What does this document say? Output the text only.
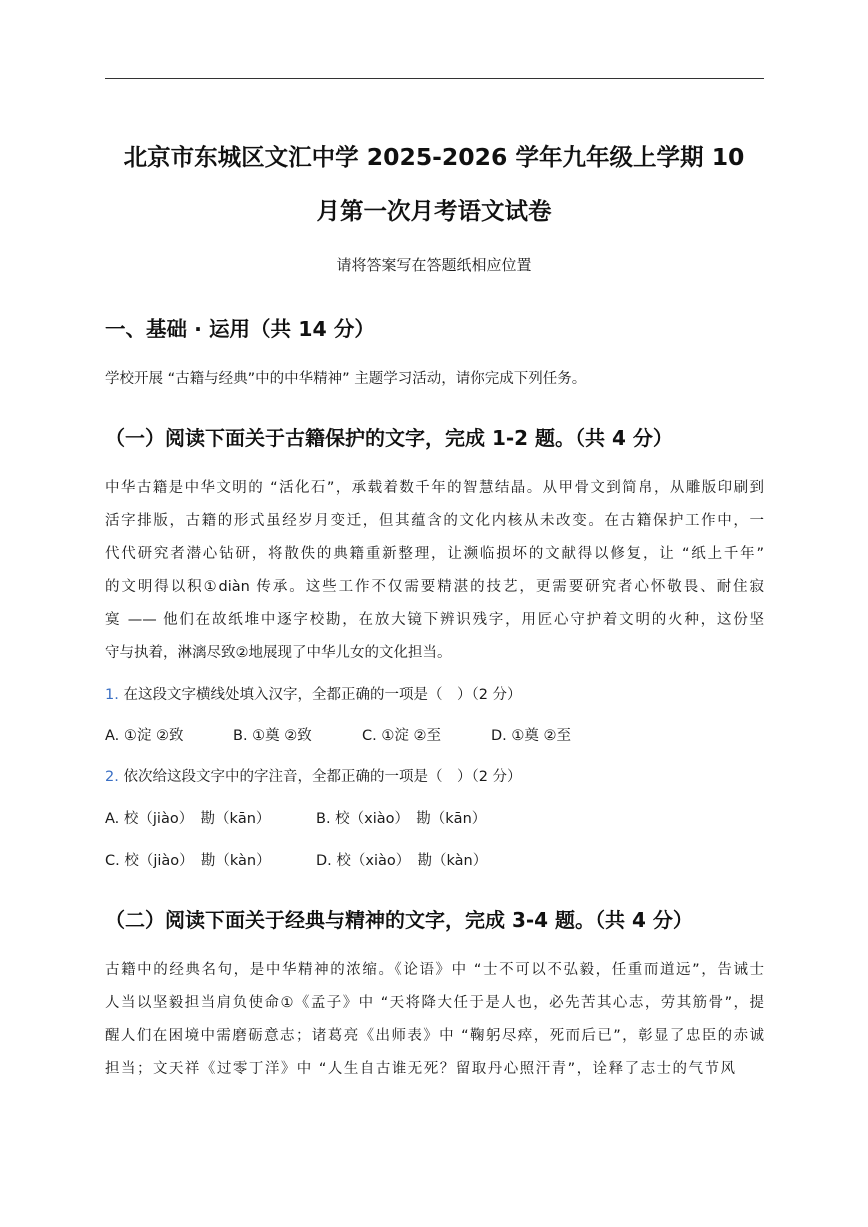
北京市东城区文汇中学 2025-2026 学年九年级上学期 10
月第一次月考语文试卷
请将答案写在答题纸相应位置
一、基础 · 运用（共 14 分）
学校开展 “古籍与经典”中的中华精神” 主题学习活动，请你完成下列任务。
（一）阅读下面关于古籍保护的文字，完成 1-2 题。（共 4 分）
中华古籍是中华文明的 “活化石”，承载着数千年的智慧结晶。从甲骨文到简帛，从雕版印刷到
活字排版，古籍的形式虽经岁月变迁，但其蕴含的文化内核从未改变。在古籍保护工作中，一
代代研究者潜心钻研，将散佚的典籍重新整理，让濒临损坏的文献得以修复，让 “纸上千年”
的文明得以积①diàn 传承。这些工作不仅需要精湛的技艺，更需要研究者心怀敬畏、耐住寂
寞 —— 他们在故纸堆中逐字校勘，在放大镜下辨识残字，用匠心守护着文明的火种，这份坚
守与执着，淋漓尽致②地展现了中华儿女的文化担当。
1. 在这段文字横线处填入汉字，全都正确的一项是（　）（2 分）
A. ①淀 ②致	B. ①奠 ②致	C. ①淀 ②至	D. ①奠 ②至
2. 依次给这段文字中的字注音，全都正确的一项是（　）（2 分）
A. 校（jiào）　勘（kān）	B. 校（xiào）　勘（kān）
C. 校（jiào）　勘（kàn）	D. 校（xiào）　勘（kàn）
（二）阅读下面关于经典与精神的文字，完成 3-4 题。（共 4 分）
古籍中的经典名句，是中华精神的浓缩。《论语》中 “士不可以不弘毅，任重而道远”，告诫士
人当以坚毅担当肩负使命①《孟子》中 “天将降大任于是人也，必先苦其心志，劳其筋骨”，提
醒人们在困境中需磨砺意志；诸葛亮《出师表》中 “鞠躬尽瘁，死而后已”，彰显了忠臣的赤诚
担当；文天祥《过零丁洋》中 “人生自古谁无死？留取丹心照汗青”，诠释了志士的气节风
